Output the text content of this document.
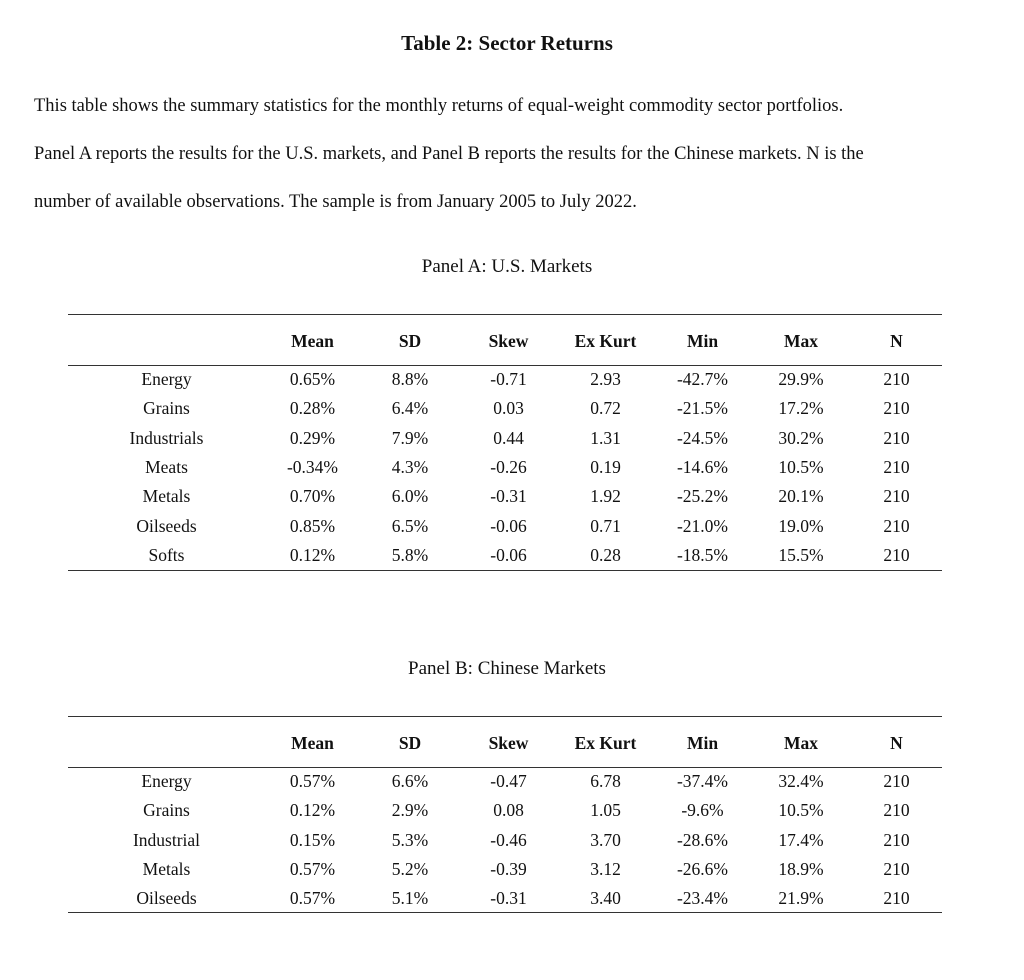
Table 2: Sector Returns

This table shows the summary statistics for the monthly returns of equal-weight commodity sector portfolios.

Panel A reports the results for the U.S. markets, and Panel B reports the results for the Chinese markets. N is the

number of available observations. The sample is from January 2005 to July 2022.

Panel A: U.S. Markets
	Mean	SD	Skew	Ex Kurt	Min	Max	N
Energy	0.65%	8.8%	-0.71	2.93	-42.7%	29.9%	210
Grains	0.28%	6.4%	0.03	0.72	-21.5%	17.2%	210
Industrials	0.29%	7.9%	0.44	1.31	-24.5%	30.2%	210
Meats	-0.34%	4.3%	-0.26	0.19	-14.6%	10.5%	210
Metals	0.70%	6.0%	-0.31	1.92	-25.2%	20.1%	210
Oilseeds	0.85%	6.5%	-0.06	0.71	-21.0%	19.0%	210
Softs	0.12%	5.8%	-0.06	0.28	-18.5%	15.5%	210
Panel B: Chinese Markets
	Mean	SD	Skew	Ex Kurt	Min	Max	N
Energy	0.57%	6.6%	-0.47	6.78	-37.4%	32.4%	210
Grains	0.12%	2.9%	0.08	1.05	-9.6%	10.5%	210
Industrial	0.15%	5.3%	-0.46	3.70	-28.6%	17.4%	210
Metals	0.57%	5.2%	-0.39	3.12	-26.6%	18.9%	210
Oilseeds	0.57%	5.1%	-0.31	3.40	-23.4%	21.9%	210
